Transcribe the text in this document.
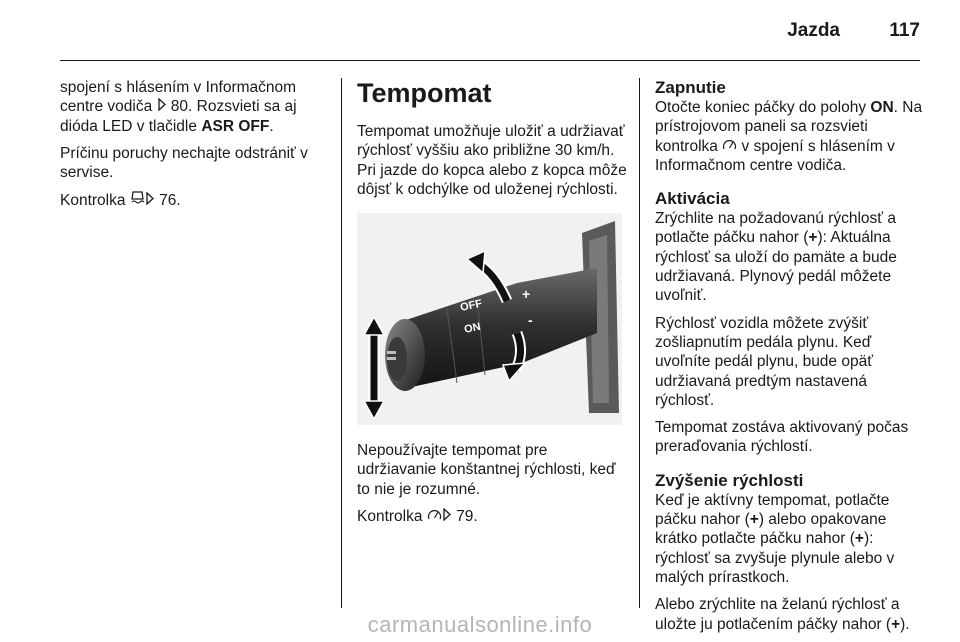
Jazda	117

spojení s hlásením v Informačnom centre vodiča  80. Rozsvieti sa aj dióda LED v tlačidle ASR OFF.

Príčinu poruchy nechajte odstrániť v servise.

Kontrolka  76.

Tempomat

Tempomat umožňuje uložiť a udržiavať rýchlosť vyššiu ako približne 30 km/h. Pri jazde do kopca alebo z kopca môže dôjsť k odchýlke od uloženej rýchlosti.

OFF
ON
+
-

Nepoužívajte tempomat pre udržiavanie konštantnej rýchlosti, keď to nie je rozumné.

Kontrolka  79.

Zapnutie

Otočte koniec páčky do polohy ON. Na prístrojovom paneli sa rozsvieti kontrolka  v spojení s hlásením v Informačnom centre vodiča.

Aktivácia

Zrýchlite na požadovanú rýchlosť a potlačte páčku nahor (+): Aktuálna rýchlosť sa uloží do pamäte a bude udržiavaná. Plynový pedál môžete uvoľniť.

Rýchlosť vozidla môžete zvýšiť zošliapnutím pedála plynu. Keď uvoľníte pedál plynu, bude opäť udržiavaná predtým nastavená rýchlosť.

Tempomat zostáva aktivovaný počas preraďovania rýchlostí.

Zvýšenie rýchlosti

Keď je aktívny tempomat, potlačte páčku nahor (+) alebo opakovane krátko potlačte páčku nahor (+): rýchlosť sa zvyšuje plynule alebo v malých prírastkoch.

Alebo zrýchlite na želanú rýchlosť a uložte ju potlačením páčky nahor (+).

carmanualsonline.info
